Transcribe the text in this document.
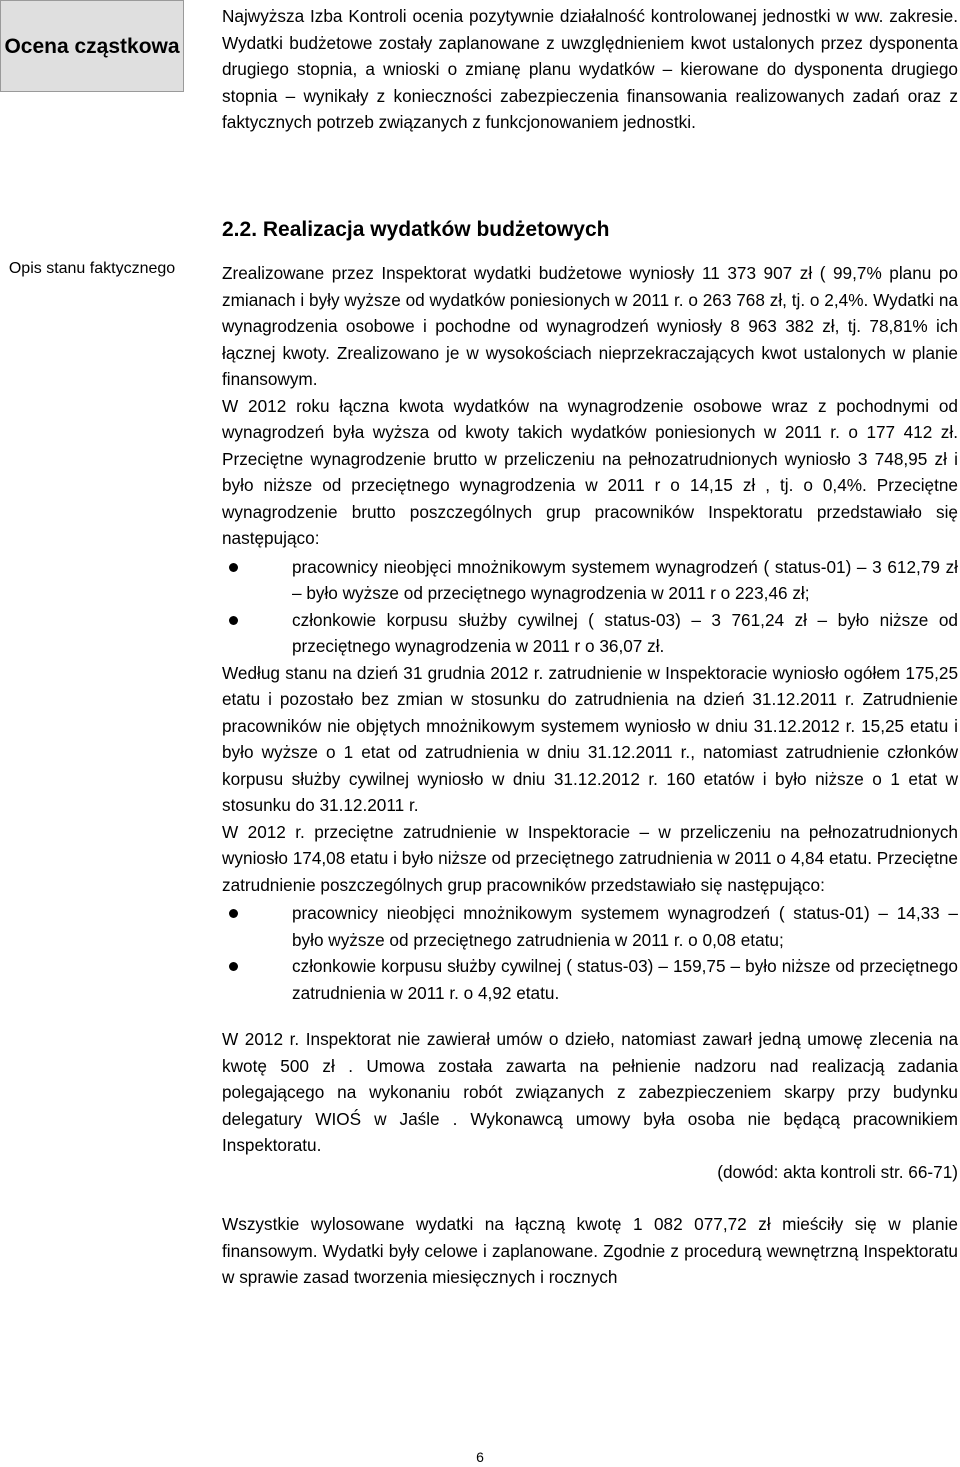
Ocena cząstkowa

Najwyższa Izba Kontroli ocenia pozytywnie działalność kontrolowanej jednostki w ww. zakresie. Wydatki budżetowe zostały zaplanowane z uwzględnieniem kwot ustalonych przez dysponenta drugiego stopnia, a wnioski o zmianę planu wydatków – kierowane do dysponenta drugiego stopnia – wynikały z konieczności zabezpieczenia finansowania realizowanych zadań oraz z faktycznych potrzeb związanych z funkcjonowaniem jednostki.

Opis stanu faktycznego
2.2. Realizacja wydatków budżetowych

Zrealizowane przez Inspektorat wydatki budżetowe wyniosły 11 373 907 zł ( 99,7% planu po zmianach i były wyższe od wydatków poniesionych w 2011 r. o 263 768 zł, tj. o 2,4%. Wydatki na wynagrodzenia osobowe i pochodne od wynagrodzeń wyniosły 8 963 382 zł, tj. 78,81% ich łącznej kwoty. Zrealizowano je w wysokościach nieprzekraczających kwot ustalonych w planie finansowym.

W 2012 roku łączna kwota wydatków na wynagrodzenie osobowe wraz z pochodnymi od wynagrodzeń była wyższa od kwoty takich wydatków poniesionych w 2011 r. o 177 412 zł. Przeciętne wynagrodzenie brutto w przeliczeniu na pełnozatrudnionych wyniosło 3 748,95 zł i było niższe od przeciętnego wynagrodzenia w 2011 r o 14,15 zł , tj. o 0,4%. Przeciętne wynagrodzenie brutto poszczególnych grup pracowników Inspektoratu przedstawiało się następująco:

pracownicy nieobjęci mnożnikowym systemem wynagrodzeń ( status-01) – 3 612,79 zł – było wyższe od przeciętnego wynagrodzenia w 2011 r o 223,46 zł;
członkowie korpusu służby cywilnej ( status-03) – 3 761,24 zł – było niższe od przeciętnego wynagrodzenia w 2011 r o 36,07 zł.

Według stanu na dzień 31 grudnia 2012 r. zatrudnienie w Inspektoracie wyniosło ogółem 175,25 etatu i pozostało bez zmian w stosunku do zatrudnienia na dzień 31.12.2011 r. Zatrudnienie pracowników nie objętych mnożnikowym systemem wyniosło w dniu 31.12.2012 r. 15,25 etatu i było wyższe o 1 etat od zatrudnienia w dniu 31.12.2011 r., natomiast zatrudnienie członków korpusu służby cywilnej wyniosło w dniu 31.12.2012 r. 160 etatów i było niższe o 1 etat w stosunku do 31.12.2011 r.

W 2012 r. przeciętne zatrudnienie w Inspektoracie – w przeliczeniu na pełnozatrudnionych wyniosło 174,08 etatu i było niższe od przeciętnego zatrudnienia w 2011 o 4,84 etatu. Przeciętne zatrudnienie poszczególnych grup pracowników przedstawiało się następująco:

pracownicy nieobjęci mnożnikowym systemem wynagrodzeń ( status-01) – 14,33 – było wyższe od przeciętnego zatrudnienia w 2011 r. o 0,08 etatu;
członkowie korpusu służby cywilnej ( status-03) – 159,75 – było niższe od przeciętnego zatrudnienia w 2011 r. o 4,92 etatu.

W 2012 r. Inspektorat nie zawierał umów o dzieło, natomiast zawarł jedną umowę zlecenia na kwotę 500 zł . Umowa została zawarta na pełnienie nadzoru nad realizacją zadania polegającego na wykonaniu robót związanych z zabezpieczeniem skarpy przy budynku delegatury WIOŚ w Jaśle . Wykonawcą umowy była osoba nie będącą pracownikiem Inspektoratu.

(dowód: akta kontroli str. 66-71)

Wszystkie wylosowane wydatki na łączną kwotę 1 082 077,72 zł mieściły się w planie finansowym. Wydatki były celowe i zaplanowane. Zgodnie z procedurą wewnętrzną Inspektoratu w sprawie zasad tworzenia miesięcznych i rocznych

6
